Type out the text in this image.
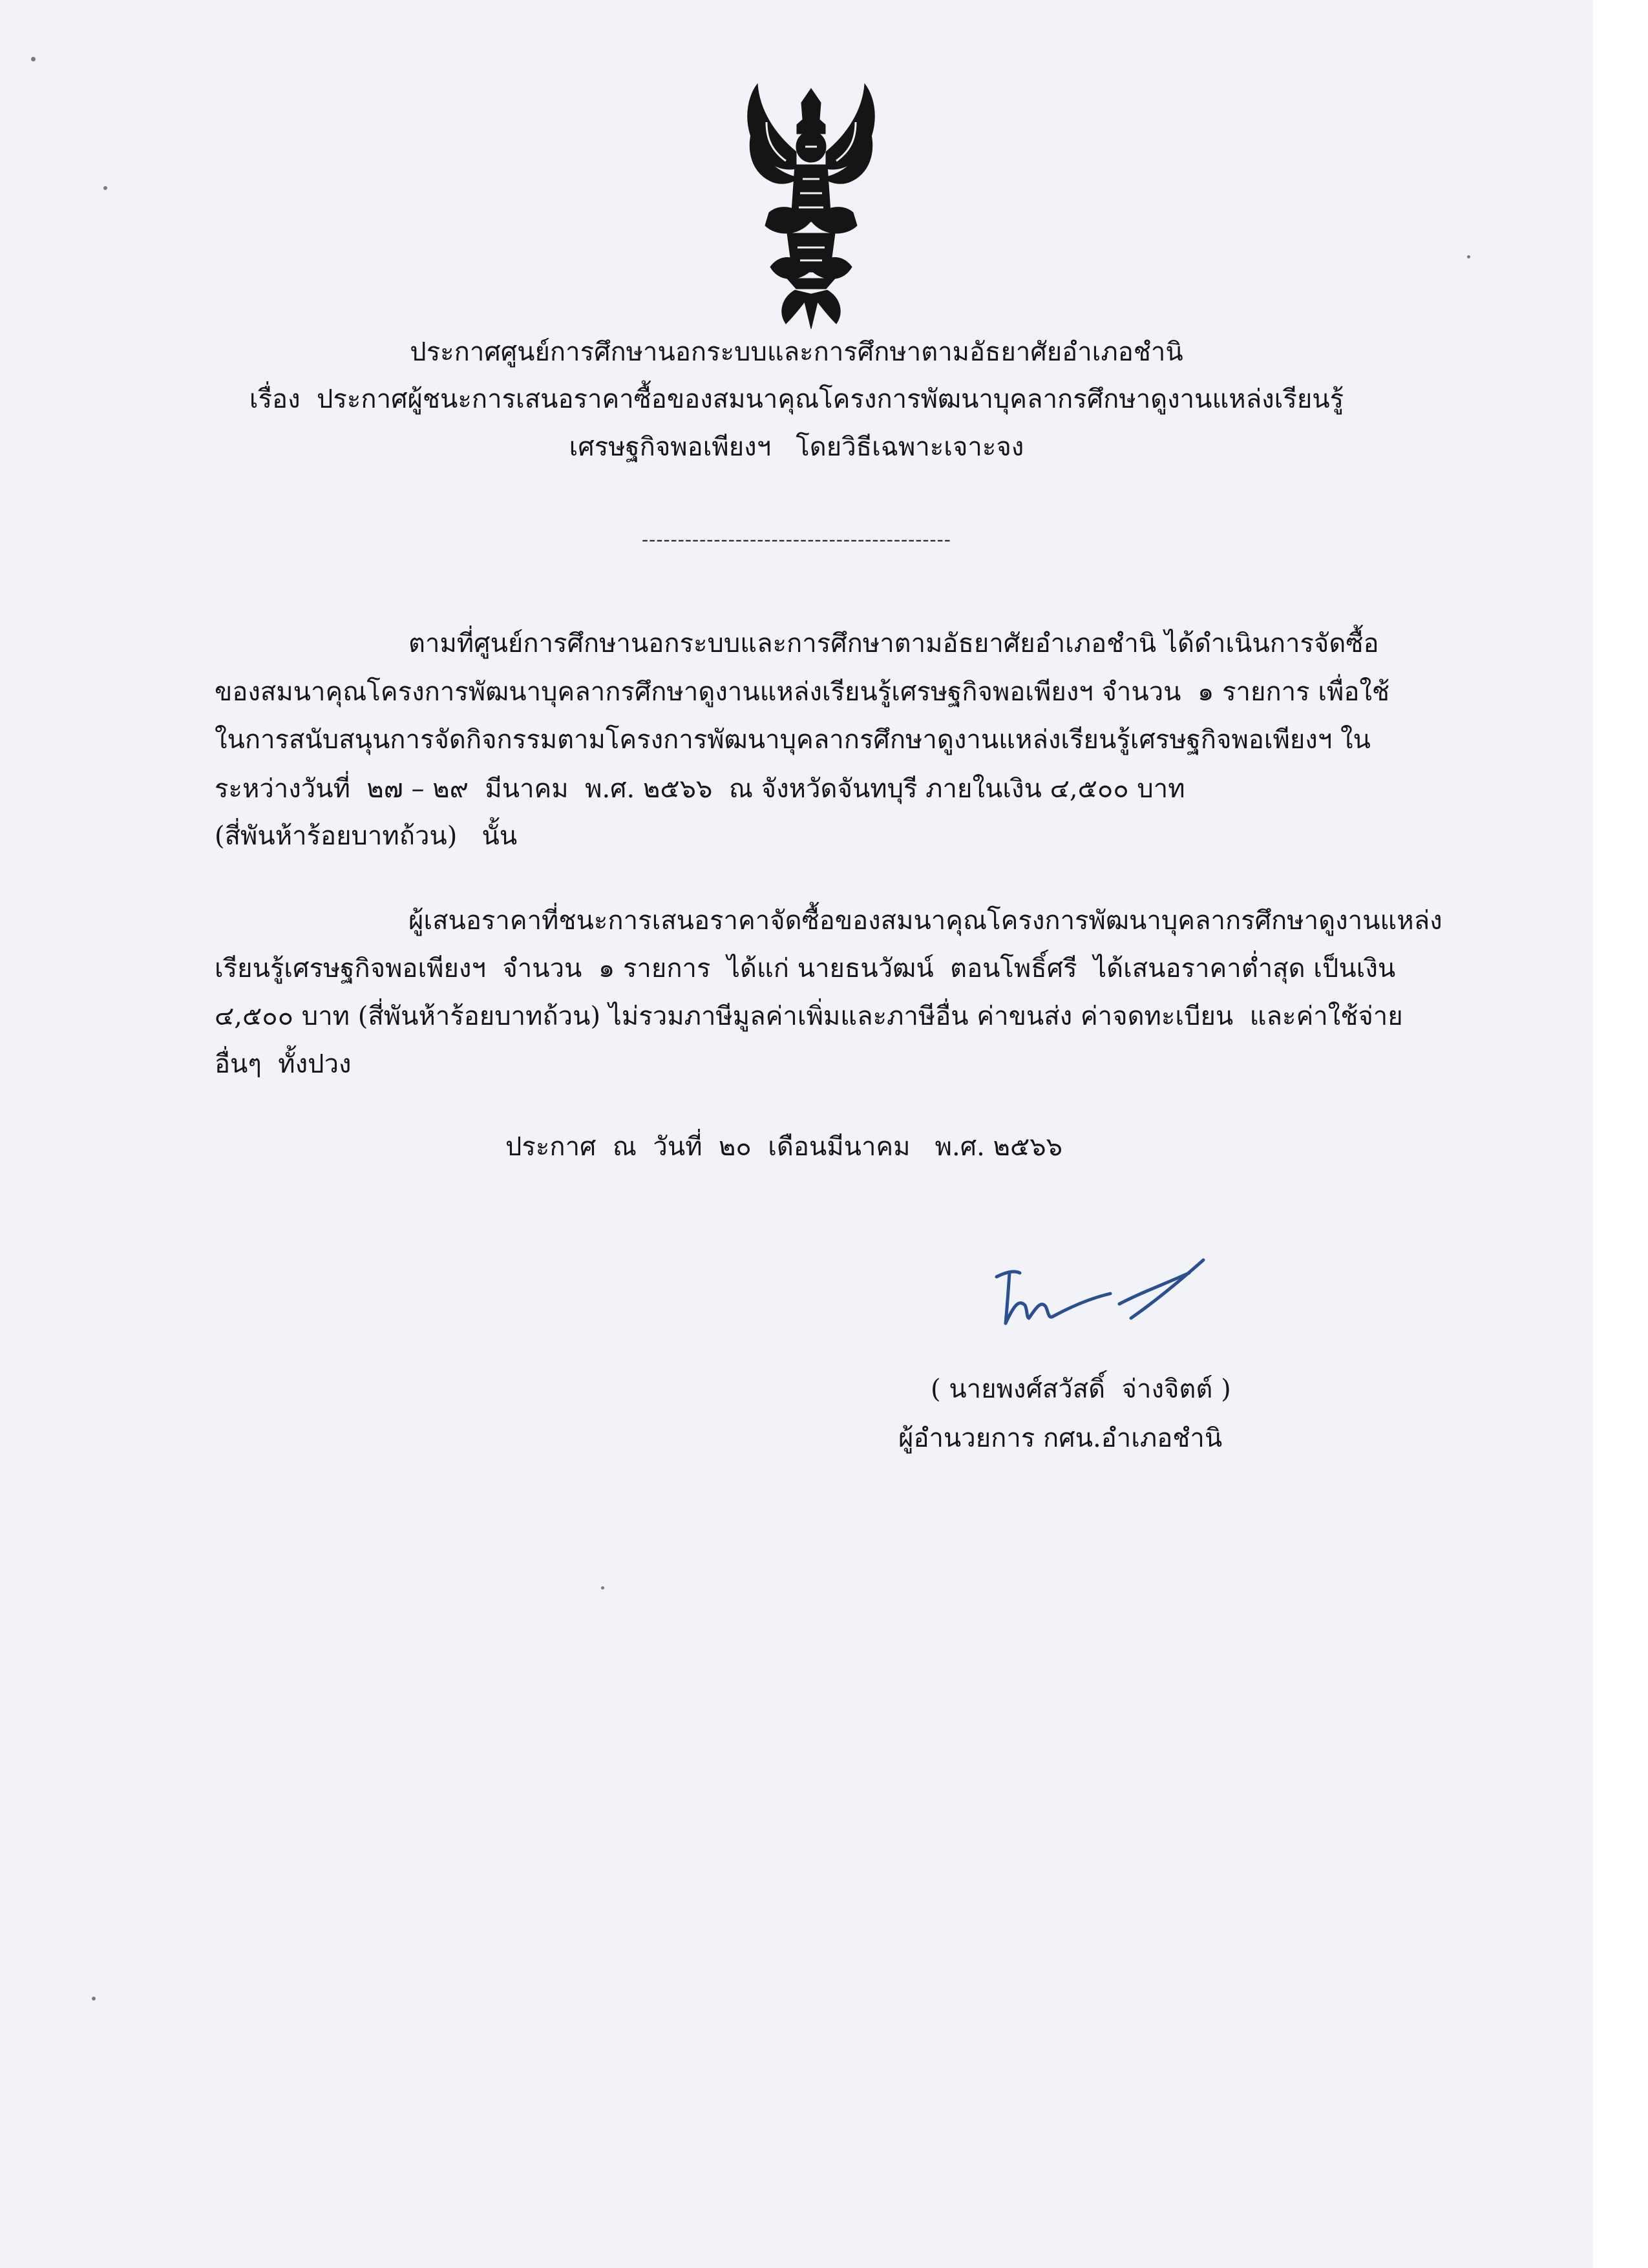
ประกาศศูนย์การศึกษานอกระบบและการศึกษาตามอัธยาศัยอำเภอชำนิ
เรื่อง  ประกาศผู้ชนะการเสนอราคาซื้อของสมนาคุณโครงการพัฒนาบุคลากรศึกษาดูงานแหล่งเรียนรู้
เศรษฐกิจพอเพียงฯ   โดยวิธีเฉพาะเจาะจง
-------------------------------------------
ตามที่ศูนย์การศึกษานอกระบบและการศึกษาตามอัธยาศัยอำเภอชำนิ ได้ดำเนินการจัดซื้อ
ของสมนาคุณโครงการพัฒนาบุคลากรศึกษาดูงานแหล่งเรียนรู้เศรษฐกิจพอเพียงฯ จำนวน  ๑ รายการ เพื่อใช้
ในการสนับสนุนการจัดกิจกรรมตามโครงการพัฒนาบุคลากรศึกษาดูงานแหล่งเรียนรู้เศรษฐกิจพอเพียงฯ ใน
ระหว่างวันที่  ๒๗ – ๒๙  มีนาคม  พ.ศ. ๒๕๖๖  ณ จังหวัดจันทบุรี ภายในเงิน ๔,๕๐๐ บาท
(สี่พันห้าร้อยบาทถ้วน)   นั้น
ผู้เสนอราคาที่ชนะการเสนอราคาจัดซื้อของสมนาคุณโครงการพัฒนาบุคลากรศึกษาดูงานแหล่ง
เรียนรู้เศรษฐกิจพอเพียงฯ  จำนวน  ๑ รายการ  ได้แก่ นายธนวัฒน์  ตอนโพธิ์ศรี  ได้เสนอราคาต่ำสุด เป็นเงิน
๔,๕๐๐ บาท (สี่พันห้าร้อยบาทถ้วน) ไม่รวมภาษีมูลค่าเพิ่มและภาษีอื่น ค่าขนส่ง ค่าจดทะเบียน  และค่าใช้จ่าย
อื่นๆ  ทั้งปวง
ประกาศ  ณ  วันที่  ๒๐  เดือนมีนาคม   พ.ศ. ๒๕๖๖
( นายพงศ์สวัสดิ์  จ่างจิตต์ )
ผู้อำนวยการ กศน.อำเภอชำนิ
